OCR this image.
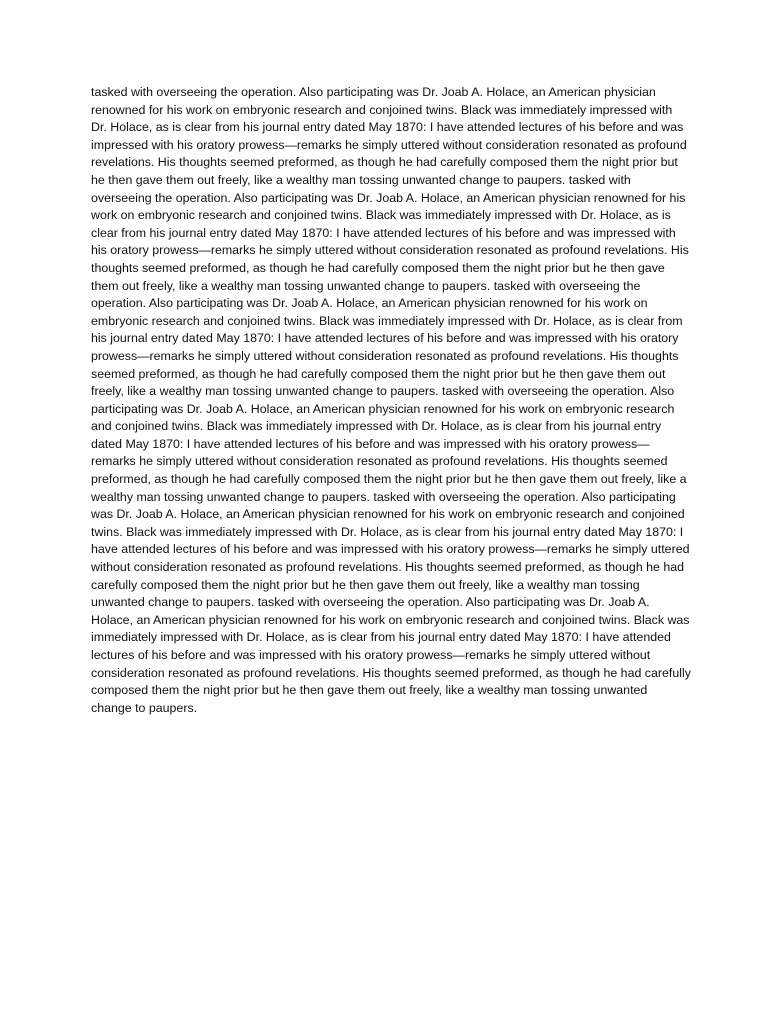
tasked with overseeing the operation. Also participating was Dr. Joab A. Holace, an American physician renowned for his work on embryonic research and conjoined twins. Black was immediately impressed with Dr. Holace, as is clear from his journal entry dated May 1870: I have attended lectures of his before and was impressed with his oratory prowess—remarks he simply uttered without consideration resonated as profound revelations. His thoughts seemed preformed, as though he had carefully composed them the night prior but he then gave them out freely, like a wealthy man tossing unwanted change to paupers. tasked with overseeing the operation. Also participating was Dr. Joab A. Holace, an American physician renowned for his work on embryonic research and conjoined twins. Black was immediately impressed with Dr. Holace, as is clear from his journal entry dated May 1870: I have attended lectures of his before and was impressed with his oratory prowess—remarks he simply uttered without consideration resonated as profound revelations. His thoughts seemed preformed, as though he had carefully composed them the night prior but he then gave them out freely, like a wealthy man tossing unwanted change to paupers. tasked with overseeing the operation. Also participating was Dr. Joab A. Holace, an American physician renowned for his work on embryonic research and conjoined twins. Black was immediately impressed with Dr. Holace, as is clear from his journal entry dated May 1870: I have attended lectures of his before and was impressed with his oratory prowess—remarks he simply uttered without consideration resonated as profound revelations. His thoughts seemed preformed, as though he had carefully composed them the night prior but he then gave them out freely, like a wealthy man tossing unwanted change to paupers. tasked with overseeing the operation. Also participating was Dr. Joab A. Holace, an American physician renowned for his work on embryonic research and conjoined twins. Black was immediately impressed with Dr. Holace, as is clear from his journal entry dated May 1870: I have attended lectures of his before and was impressed with his oratory prowess—remarks he simply uttered without consideration resonated as profound revelations. His thoughts seemed preformed, as though he had carefully composed them the night prior but he then gave them out freely, like a wealthy man tossing unwanted change to paupers. tasked with overseeing the operation. Also participating was Dr. Joab A. Holace, an American physician renowned for his work on embryonic research and conjoined twins. Black was immediately impressed with Dr. Holace, as is clear from his journal entry dated May 1870: I have attended lectures of his before and was impressed with his oratory prowess—remarks he simply uttered without consideration resonated as profound revelations. His thoughts seemed preformed, as though he had carefully composed them the night prior but he then gave them out freely, like a wealthy man tossing unwanted change to paupers. tasked with overseeing the operation. Also participating was Dr. Joab A. Holace, an American physician renowned for his work on embryonic research and conjoined twins. Black was immediately impressed with Dr. Holace, as is clear from his journal entry dated May 1870: I have attended lectures of his before and was impressed with his oratory prowess—remarks he simply uttered without consideration resonated as profound revelations. His thoughts seemed preformed, as though he had carefully composed them the night prior but he then gave them out freely, like a wealthy man tossing unwanted change to paupers.
